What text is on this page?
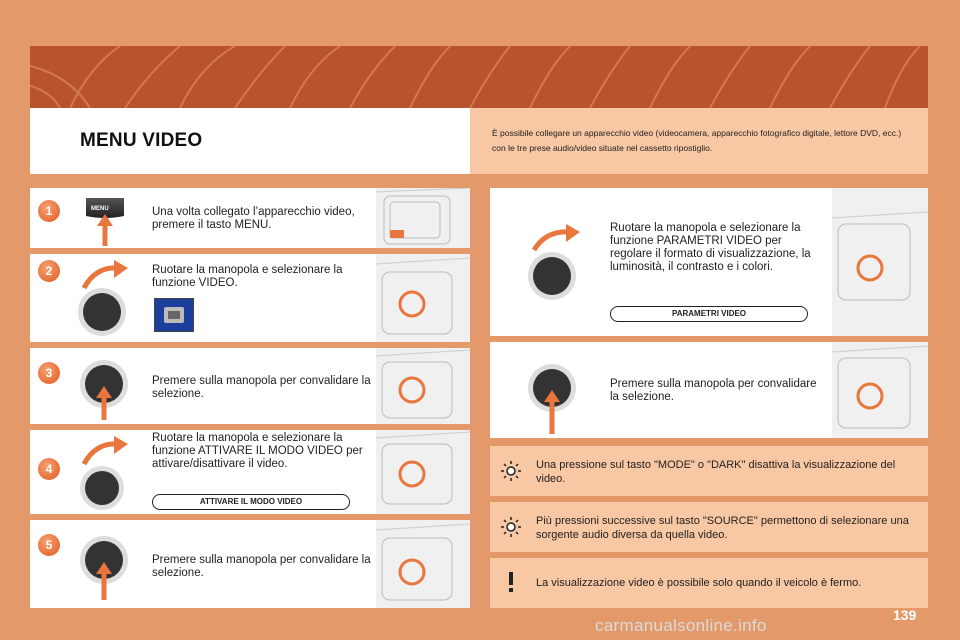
MENU VIDEO	È possibile collegare un apparecchio video (videocamera, apparecchio fotografico digitale, lettore DVD, ecc.) con le tre prese audio/video situate nel cassetto ripostiglio.
1	MENU	Una volta collegato l’apparecchio video, premere il tasto MENU.
2	Ruotare la manopola e selezionare la funzione VIDEO.
3
Premere sulla manopola per convalidare la selezione.
4
Ruotare la manopola e selezionare la funzione ATTIVARE IL MODO VIDEO per attivare/disattivare il video.
ATTIVARE IL MODO VIDEO
5
Premere sulla manopola per convalidare la selezione.
Ruotare la manopola e selezionare la funzione PARAMETRI VIDEO per regolare il formato di visualizzazione, la luminosità, il contrasto e i colori.
PARAMETRI VIDEO
Premere sulla manopola per convalidare la selezione.
Una pressione sul tasto "MODE" o "DARK" disattiva la visualizzazione del video.
Più pressioni successive sul tasto "SOURCE" permettono di selezionare una sorgente audio diversa da quella video.
La visualizzazione video è possibile solo quando il veicolo è fermo.
139
carmanualsonline.info
